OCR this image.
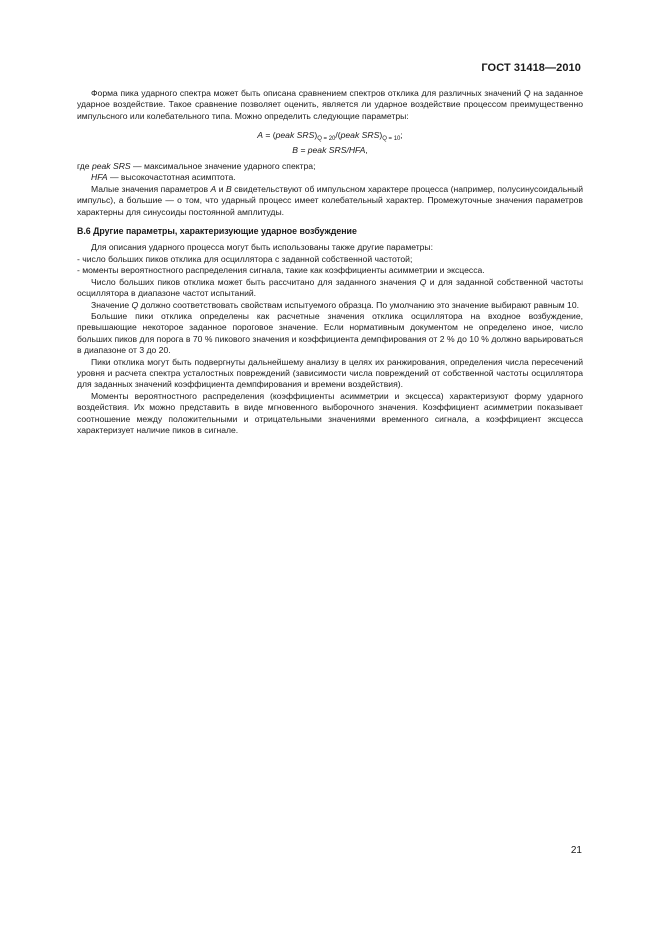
ГОСТ 31418—2010

Форма пика ударного спектра может быть описана сравнением спектров отклика для различных значений Q на заданное ударное воздействие. Такое сравнение позволяет оценить, является ли ударное воздействие процессом преимущественно импульсного или колебательного типа. Можно определить следующие параметры:

A = (peak $SRS)_{Q = 20}/(peak$ $SRS)_{Q = 10}$;

B = peak SRS/HFA,

где peak SRS — максимальное значение ударного спектра;

HFA — высокочастотная асимптота.

Малые значения параметров A и B свидетельствуют об импульсном характере процесса (например, полусинусоидальный импульс), а большие — о том, что ударный процесс имеет колебательный характер. Промежуточные значения параметров характерны для синусоиды постоянной амплитуды.

В.6 Другие параметры, характеризующие ударное возбуждение

Для описания ударного процесса могут быть использованы также другие параметры:

- число больших пиков отклика для осциллятора с заданной собственной частотой;

- моменты вероятностного распределения сигнала, такие как коэффициенты асимметрии и эксцесса.

Число больших пиков отклика может быть рассчитано для заданного значения Q и для заданной собственной частоты осциллятора в диапазоне частот испытаний.

Значение Q должно соответствовать свойствам испытуемого образца. По умолчанию это значение выбирают равным 10.

Большие пики отклика определены как расчетные значения отклика осциллятора на входное возбуждение, превышающие некоторое заданное пороговое значение. Если нормативным документом не определено иное, число больших пиков для порога в 70 % пикового значения и коэффициента демпфирования от 2 % до 10 % должно варьироваться в диапазоне от 3 до 20.

Пики отклика могут быть подвергнуты дальнейшему анализу в целях их ранжирования, определения числа пересечений уровня и расчета спектра усталостных повреждений (зависимости числа повреждений от собственной частоты осциллятора для заданных значений коэффициента демпфирования и времени воздействия).

Моменты вероятностного распределения (коэффициенты асимметрии и эксцесса) характеризуют форму ударного воздействия. Их можно представить в виде мгновенного выборочного значения. Коэффициент асимметрии показывает соотношение между положительными и отрицательными значениями временного сигнала, а коэффициент эксцесса характеризует наличие пиков в сигнале.

21
